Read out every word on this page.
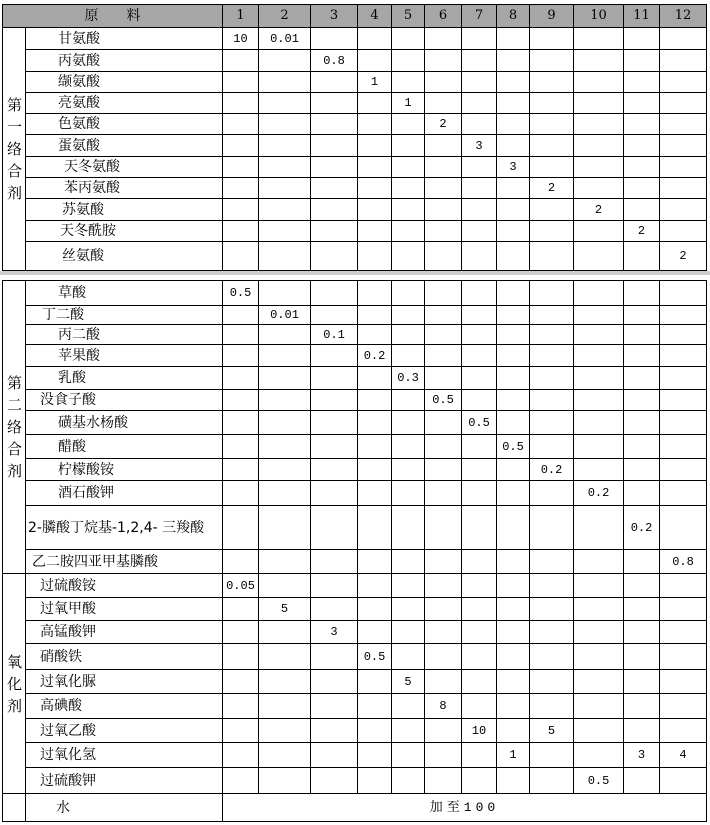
原　　料		1	2	3	4	5	6	7	8	9	10	11	12

第一络合剂	甘氨酸	10	0.01										
	丙氨酸			0.8									
	缬氨酸				1								
	亮氨酸					1							
	色氨酸						2						
	蛋氨酸							3					
	天冬氨酸								3				
	苯丙氨酸									2			
	苏氨酸										2		
	天冬酰胺											2	
	丝氨酸												2
第二络合剂	草酸	0.5											
	丁二酸		0.01										
	丙二酸			0.1									
	苹果酸				0.2								
	乳酸					0.3							
	没食子酸						0.5						
	磺基水杨酸							0.5					
	醋酸								0.5				
	柠檬酸铵									0.2			
	酒石酸钾										0.2		
	2-膦酸丁烷基-1,2,4- 三羧酸											0.2	
	乙二胺四亚甲基膦酸												0.8

氧化剂	过硫酸铵	0.05											
	过氧甲酸		5										
	高锰酸钾			3									
	硝酸铁				0.5								
	过氧化脲					5							
	高碘酸						8						
	过氧乙酸							10		5			
	过氧化氢								1			3	4
	过硫酸钾										0.5		
	水	加至100											
